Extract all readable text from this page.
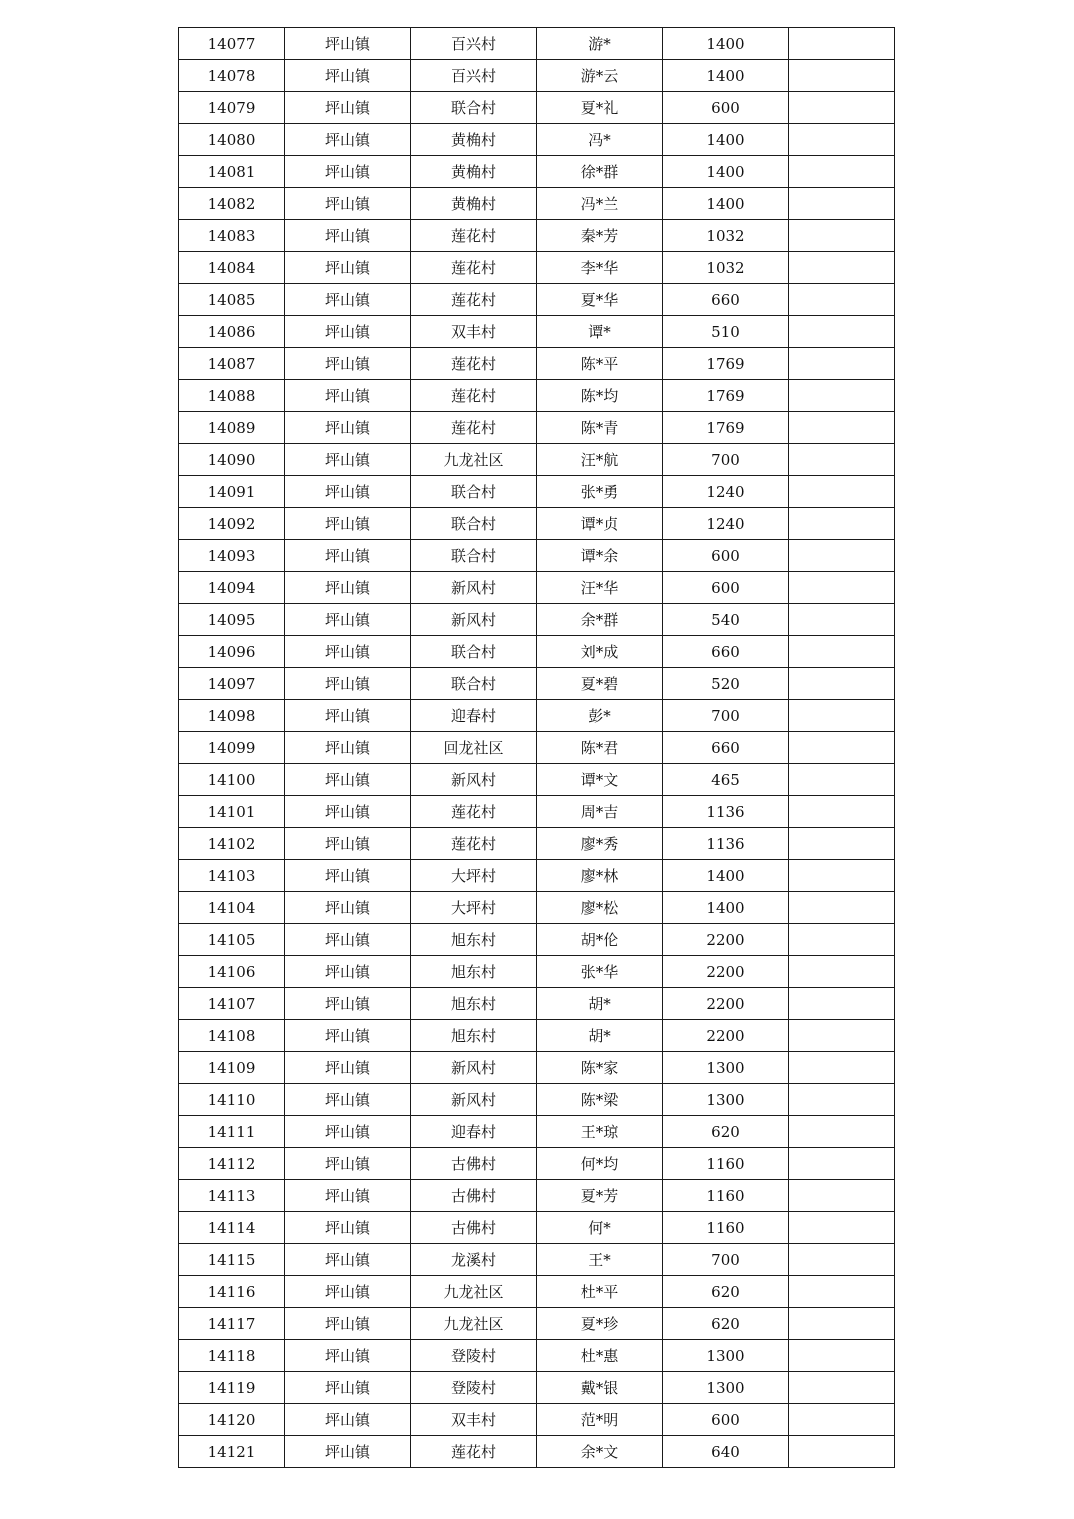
14077	坪山镇	百兴村	游*	1400	
14078	坪山镇	百兴村	游*云	1400	
14079	坪山镇	联合村	夏*礼	600	
14080	坪山镇	黄桷村	冯*	1400	
14081	坪山镇	黄桷村	徐*群	1400	
14082	坪山镇	黄桷村	冯*兰	1400	
14083	坪山镇	莲花村	秦*芳	1032	
14084	坪山镇	莲花村	李*华	1032	
14085	坪山镇	莲花村	夏*华	660	
14086	坪山镇	双丰村	谭*	510	
14087	坪山镇	莲花村	陈*平	1769	
14088	坪山镇	莲花村	陈*均	1769	
14089	坪山镇	莲花村	陈*青	1769	
14090	坪山镇	九龙社区	汪*航	700	
14091	坪山镇	联合村	张*勇	1240	
14092	坪山镇	联合村	谭*贞	1240	
14093	坪山镇	联合村	谭*余	600	
14094	坪山镇	新风村	汪*华	600	
14095	坪山镇	新风村	余*群	540	
14096	坪山镇	联合村	刘*成	660	
14097	坪山镇	联合村	夏*碧	520	
14098	坪山镇	迎春村	彭*	700	
14099	坪山镇	回龙社区	陈*君	660	
14100	坪山镇	新风村	谭*文	465	
14101	坪山镇	莲花村	周*吉	1136	
14102	坪山镇	莲花村	廖*秀	1136	
14103	坪山镇	大坪村	廖*林	1400	
14104	坪山镇	大坪村	廖*松	1400	
14105	坪山镇	旭东村	胡*伦	2200	
14106	坪山镇	旭东村	张*华	2200	
14107	坪山镇	旭东村	胡*	2200	
14108	坪山镇	旭东村	胡*	2200	
14109	坪山镇	新风村	陈*家	1300	
14110	坪山镇	新风村	陈*梁	1300	
14111	坪山镇	迎春村	王*琼	620	
14112	坪山镇	古佛村	何*均	1160	
14113	坪山镇	古佛村	夏*芳	1160	
14114	坪山镇	古佛村	何*	1160	
14115	坪山镇	龙溪村	王*	700	
14116	坪山镇	九龙社区	杜*平	620	
14117	坪山镇	九龙社区	夏*珍	620	
14118	坪山镇	登陵村	杜*惠	1300	
14119	坪山镇	登陵村	戴*银	1300	
14120	坪山镇	双丰村	范*明	600	
14121	坪山镇	莲花村	余*文	640	
